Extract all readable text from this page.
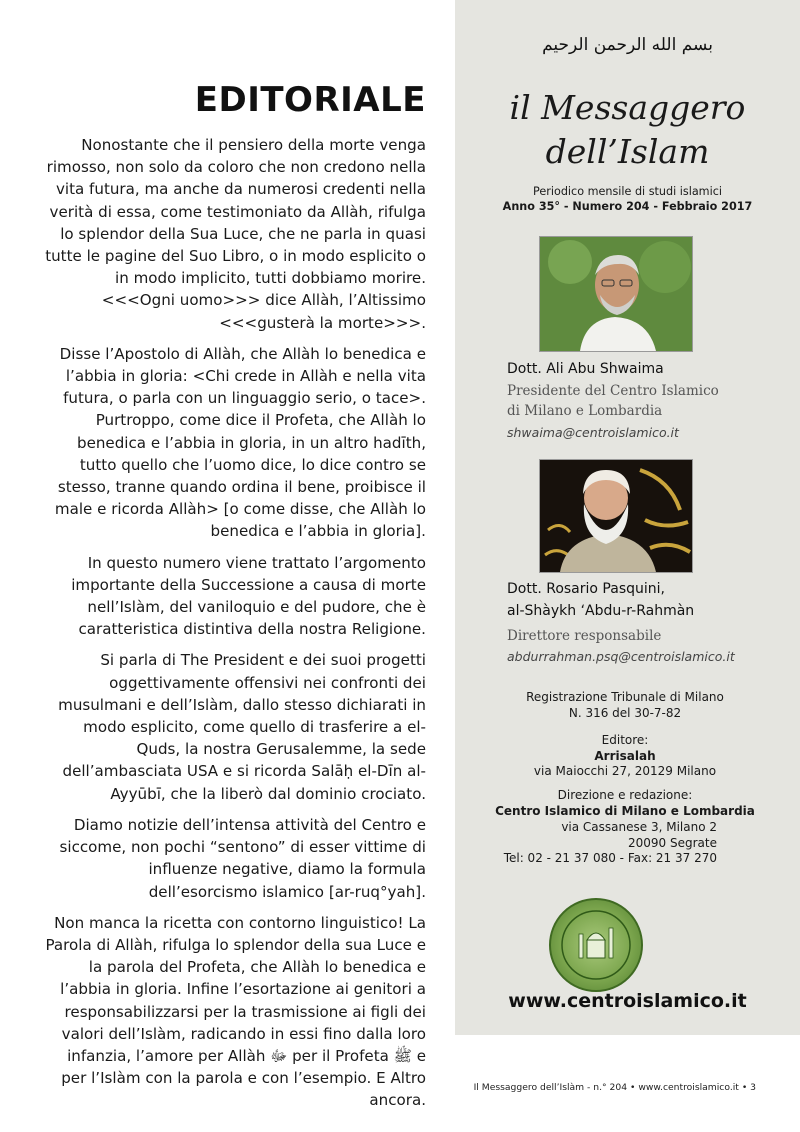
EDITORIALE

Nonostante che il pensiero della morte venga rimosso, non solo da coloro che non credono nella vita futura, ma anche da numerosi credenti nella verità di essa, come testimoniato da Allàh, rifulga lo splendor della Sua Luce, che ne parla in quasi tutte le pagine del Suo Libro, o in modo esplicito o in modo implicito, tutti dobbiamo morire. <<<Ogni uomo>>> dice Allàh, l’Altissimo <<<gusterà la morte>>>.

Disse l’Apostolo di Allàh, che Allàh lo benedica e l’abbia in gloria: <Chi crede in Allàh e nella vita futura, o parla con un linguaggio serio, o tace>. Purtroppo, come dice il Profeta, che Allàh lo benedica e l’abbia in gloria, in un altro hadīth, tutto quello che l’uomo dice, lo dice contro se stesso, tranne quando ordina il bene, proibisce il male e ricorda Allàh> [o come disse, che Allàh lo benedica e l’abbia in gloria].

In questo numero viene trattato l’argomento importante della Successione a causa di morte nell’Islàm, del vaniloquio e del pudore, che è caratteristica distintiva della nostra Religione.

Si parla di The President e dei suoi progetti oggettivamente offensivi nei confronti dei musulmani e dell’Islàm, dallo stesso dichiarati in modo esplicito, come quello di trasferire a el-Quds, la nostra Gerusalemme, la sede dell’ambasciata USA e si ricorda Salāḥ el-Dīn al-Ayyūbī, che la liberò dal dominio crociato.

Diamo notizie dell’intensa attività del Centro e siccome, non pochi “sentono” di esser vittime di influenze negative, diamo la formula dell’esorcismo islamico [ar-ruq°yah].

Non manca la ricetta con contorno linguistico! La Parola di Allàh, rifulga lo splendor della sua Luce e la parola del Profeta, che Allàh lo benedica e l’abbia in gloria. Infine l’esortazione ai genitori a responsabilizzarsi per la trasmissione ai figli dei valori dell’Islàm, radicando in essi fino dalla loro infanzia, l’amore per Allàh ﷻ per il Profeta ﷺ e per l’Islàm con la parola e con l’esempio. E Altro ancora.

بسم الله الرحمن الرحيم
il Messaggero
dell’Islam
Periodico mensile di studi islamici
Anno 35° - Numero 204 - Febbraio 2017
Dott. Ali Abu Shwaima
Presidente del Centro Islamico
di Milano e Lombardia
shwaima@centroislamico.it
Dott. Rosario Pasquini,
al-Shàykh ‘Abdu-r-Rahmàn
Direttore responsabile
abdurrahman.psq@centroislamico.it
Registrazione Tribunale di Milano
N. 316 del 30-7-82
Editore:
Arrisalah
via Maiocchi 27, 20129 Milano
Direzione e redazione:
Centro Islamico di Milano e Lombardia
via Cassanese 3, Milano 2
20090 Segrate
Tel: 02 - 21 37 080 - Fax: 21 37 270
www.centroislamico.it
Il Messaggero dell’Islàm - n.° 204 • www.centroislamico.it • 3
